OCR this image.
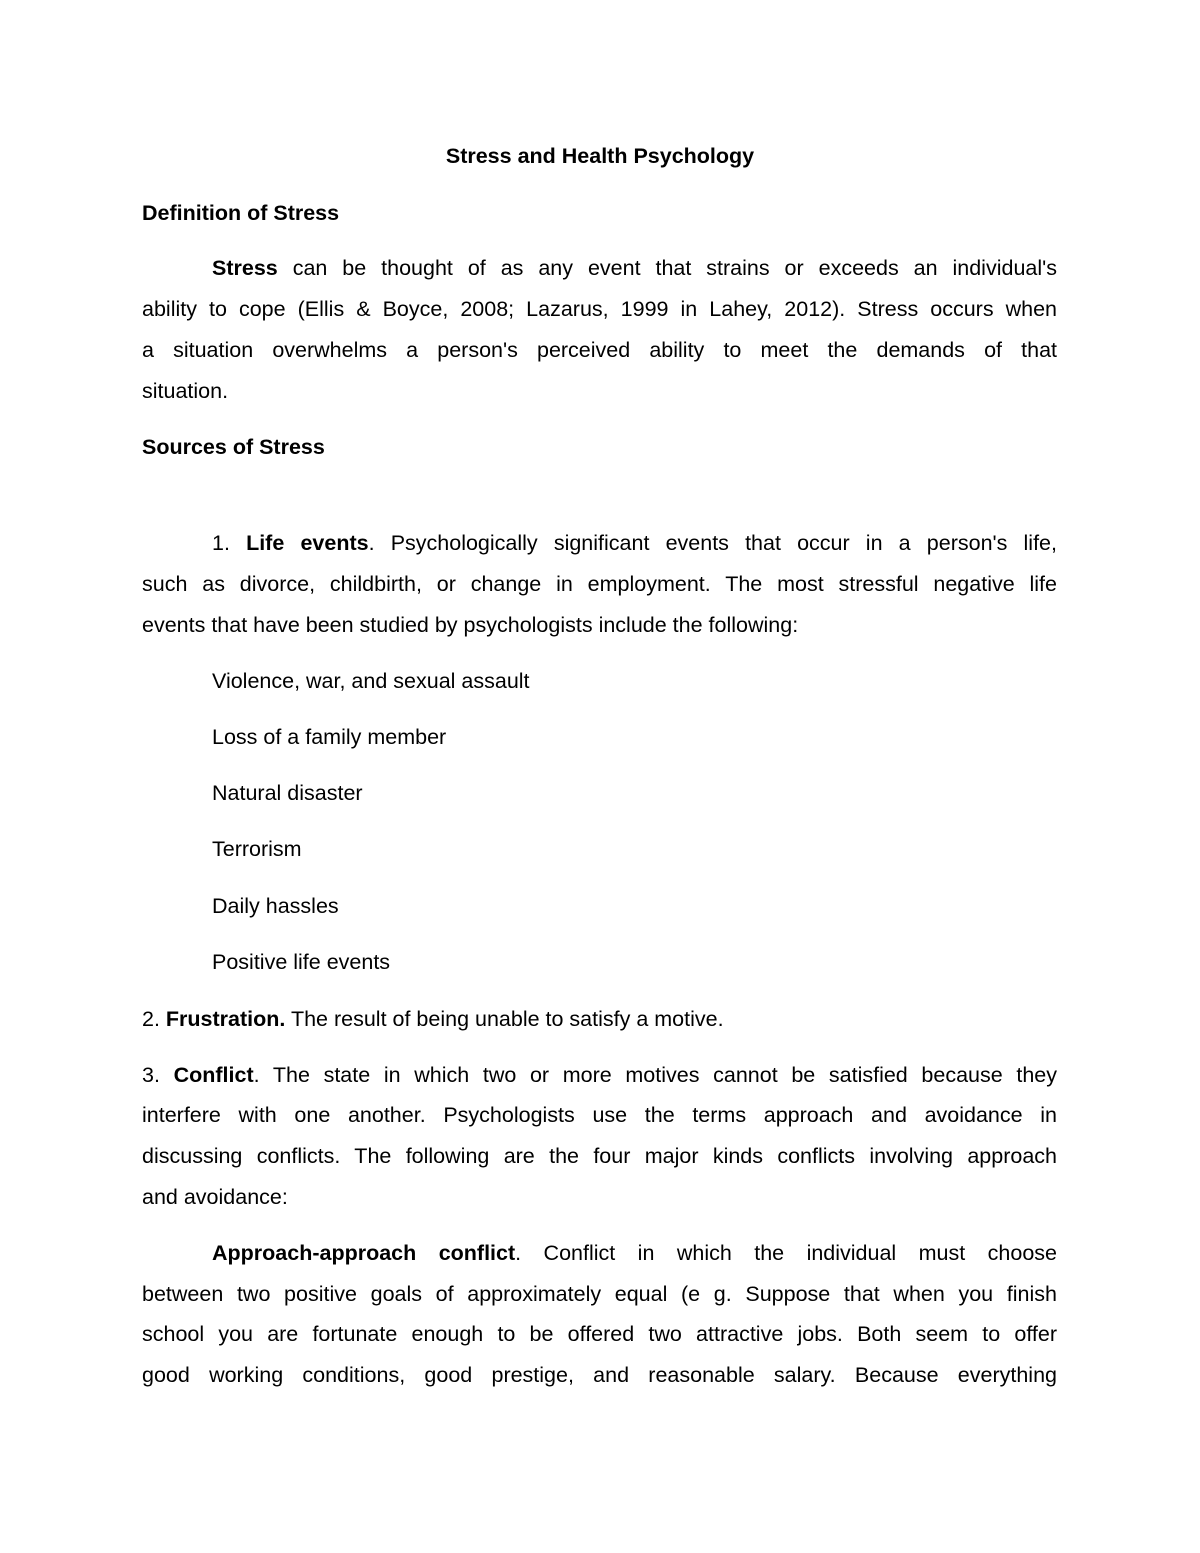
Stress and Health Psychology
Definition of Stress
Stress can be thought of as any event that strains or exceeds an individual's
ability to cope (Ellis & Boyce, 2008; Lazarus, 1999 in Lahey, 2012). Stress occurs when
a situation overwhelms a person's perceived ability to meet the demands of that
situation.
Sources of Stress
1. Life events. Psychologically significant events that occur in a person's life,
such as divorce, childbirth, or change in employment. The most stressful negative life
events that have been studied by psychologists include the following:
Violence, war, and sexual assault
Loss of a family member
Natural disaster
Terrorism
Daily hassles
Positive life events
2. Frustration. The result of being unable to satisfy a motive.
3. Conflict. The state in which two or more motives cannot be satisfied because they
interfere with one another. Psychologists use the terms approach and avoidance in
discussing conflicts. The following are the four major kinds conflicts involving approach
and avoidance:
Approach-approach conflict. Conflict in which the individual must choose
between two positive goals of approximately equal (e g. Suppose that when you finish
school you are fortunate enough to be offered two attractive jobs. Both seem to offer
good working conditions, good prestige, and reasonable salary. Because everything
